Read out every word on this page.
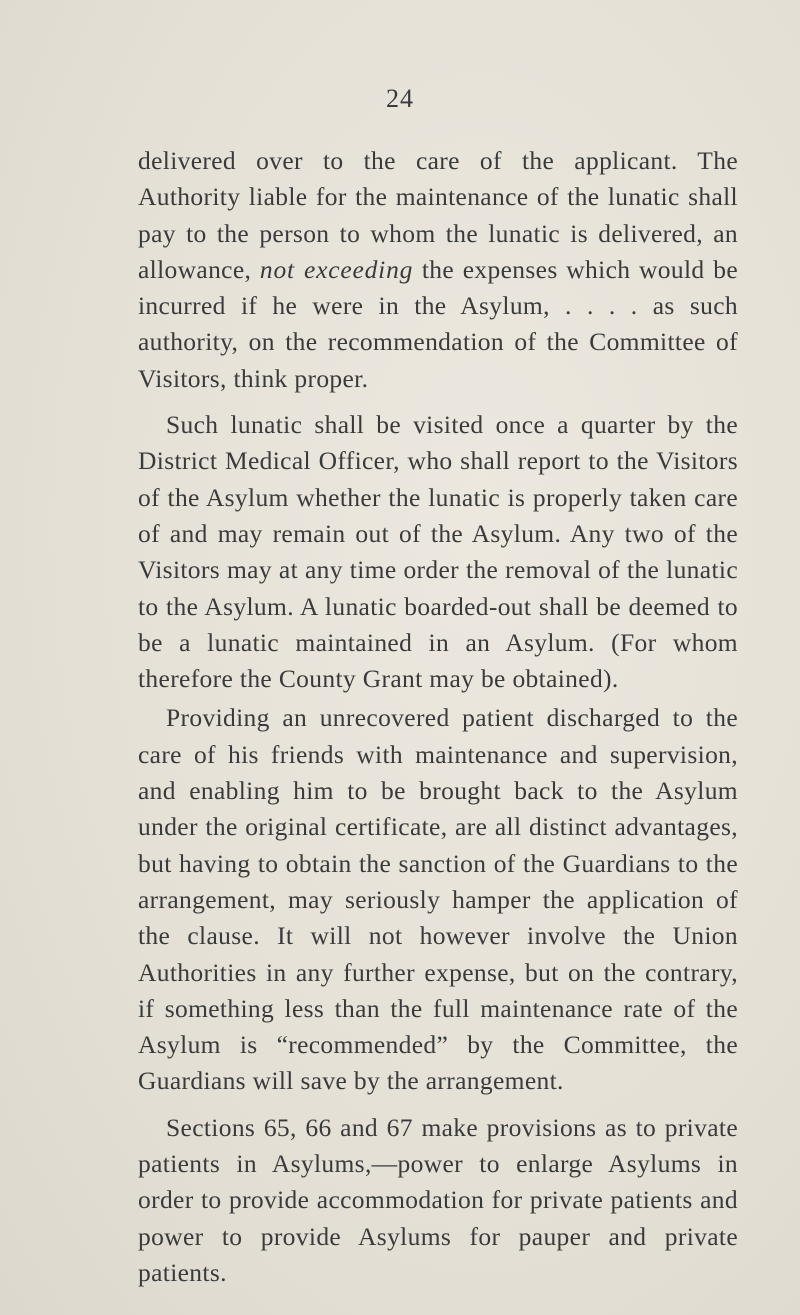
24

delivered over to the care of the applicant. The Authority liable for the maintenance of the lunatic shall pay to the person to whom the lunatic is delivered, an allowance, not exceeding the expenses which would be incurred if he were in the Asylum, . . . . as such authority, on the recommendation of the Committee of Visitors, think proper.

Such lunatic shall be visited once a quarter by the District Medical Officer, who shall report to the Visitors of the Asylum whether the lunatic is properly taken care of and may remain out of the Asylum. Any two of the Visitors may at any time order the removal of the lunatic to the Asylum. A lunatic boarded-out shall be deemed to be a lunatic maintained in an Asylum. (For whom therefore the County Grant may be obtained).

Providing an unrecovered patient discharged to the care of his friends with maintenance and supervision, and enabling him to be brought back to the Asylum under the original certificate, are all distinct advantages, but having to obtain the sanction of the Guardians to the arrangement, may seriously hamper the application of the clause. It will not however involve the Union Authorities in any further expense, but on the contrary, if something less than the full maintenance rate of the Asylum is “recommended” by the Committee, the Guardians will save by the arrangement.

Sections 65, 66 and 67 make provisions as to private patients in Asylums,—power to enlarge Asylums in order to provide accommodation for private patients and power to provide Asylums for pauper and private patients.
